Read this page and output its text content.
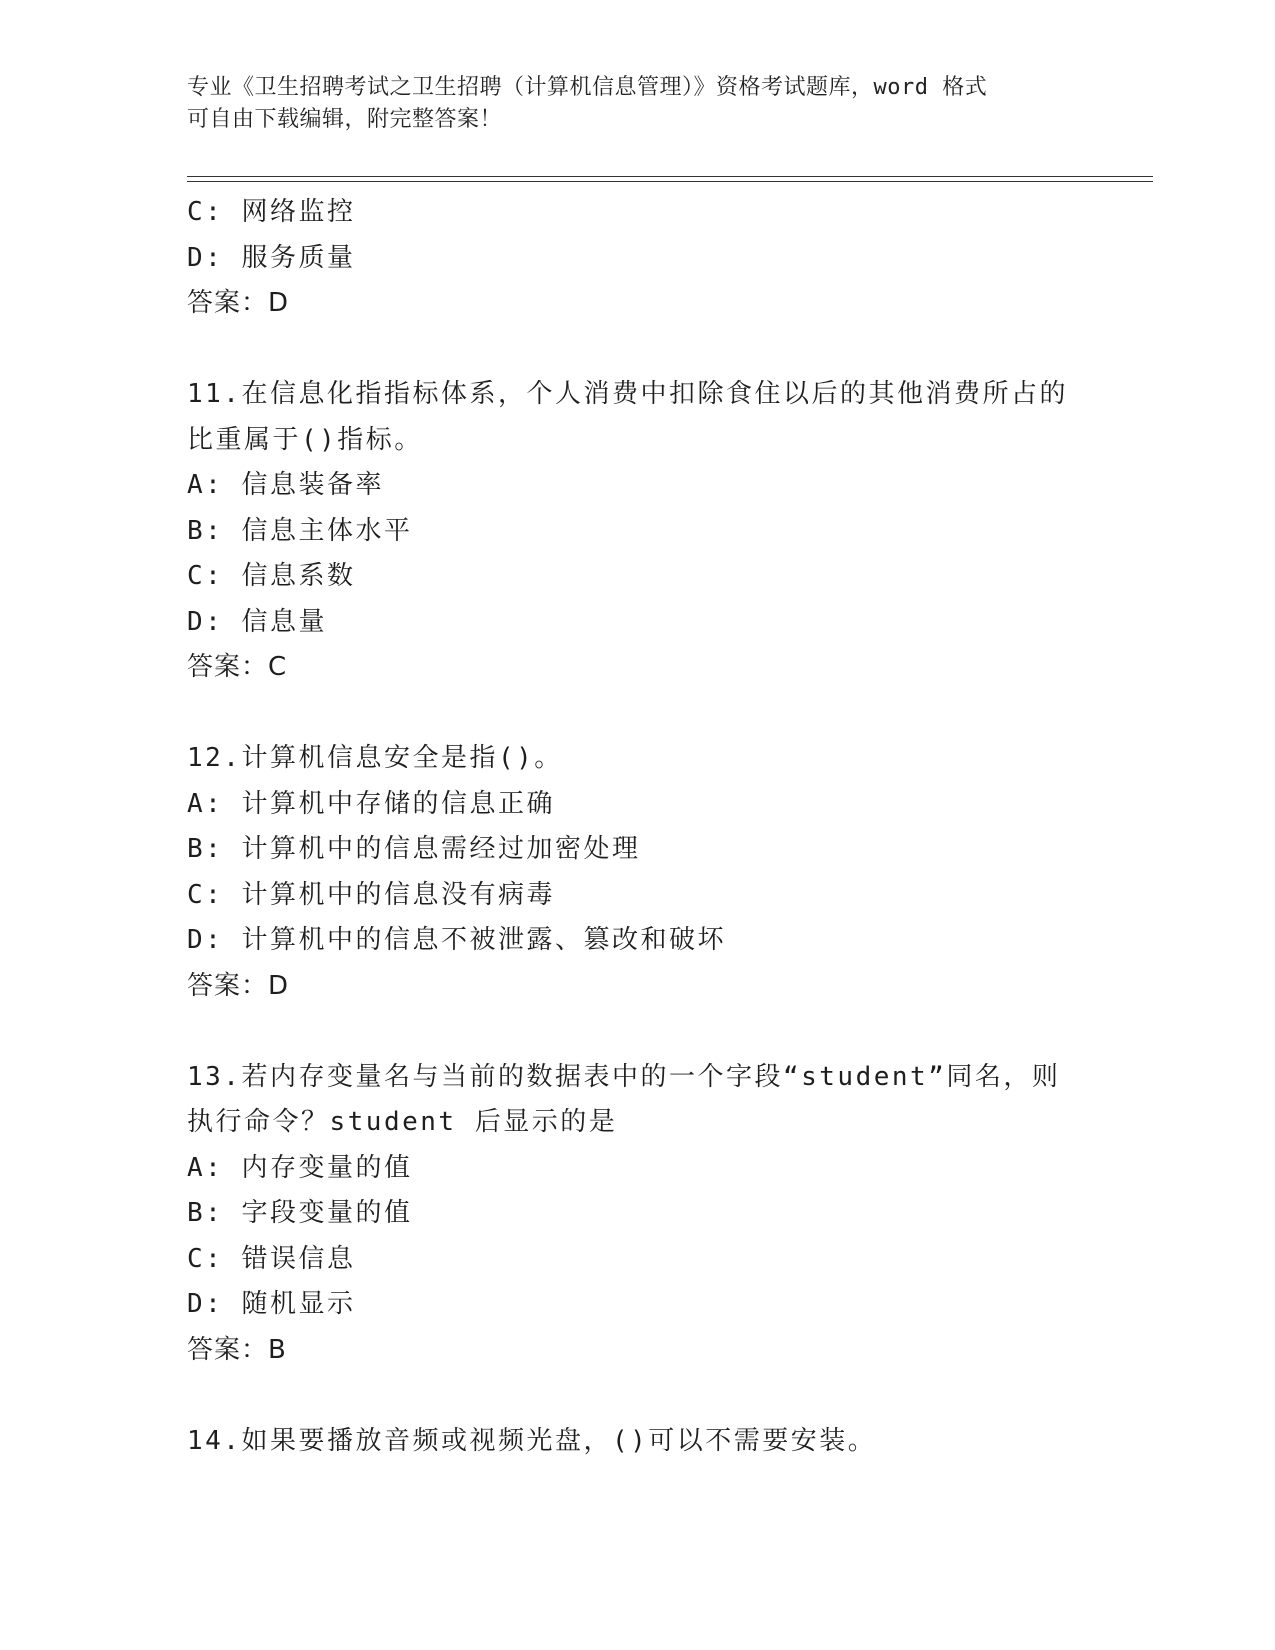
专业《卫生招聘考试之卫生招聘（计算机信息管理）》资格考试题库，word 格式
可自由下载编辑，附完整答案！
C: 网络监控
D: 服务质量
答案：D
11.在信息化指指标体系，个人消费中扣除食住以后的其他消费所占的
比重属于()指标。
A: 信息装备率
B: 信息主体水平
C: 信息系数
D: 信息量
答案：C
12.计算机信息安全是指()。
A: 计算机中存储的信息正确
B: 计算机中的信息需经过加密处理
C: 计算机中的信息没有病毒
D: 计算机中的信息不被泄露、篡改和破坏
答案：D
13.若内存变量名与当前的数据表中的一个字段“student”同名，则
执行命令？student 后显示的是
A: 内存变量的值
B: 字段变量的值
C: 错误信息
D: 随机显示
答案：B
14.如果要播放音频或视频光盘，()可以不需要安装。
